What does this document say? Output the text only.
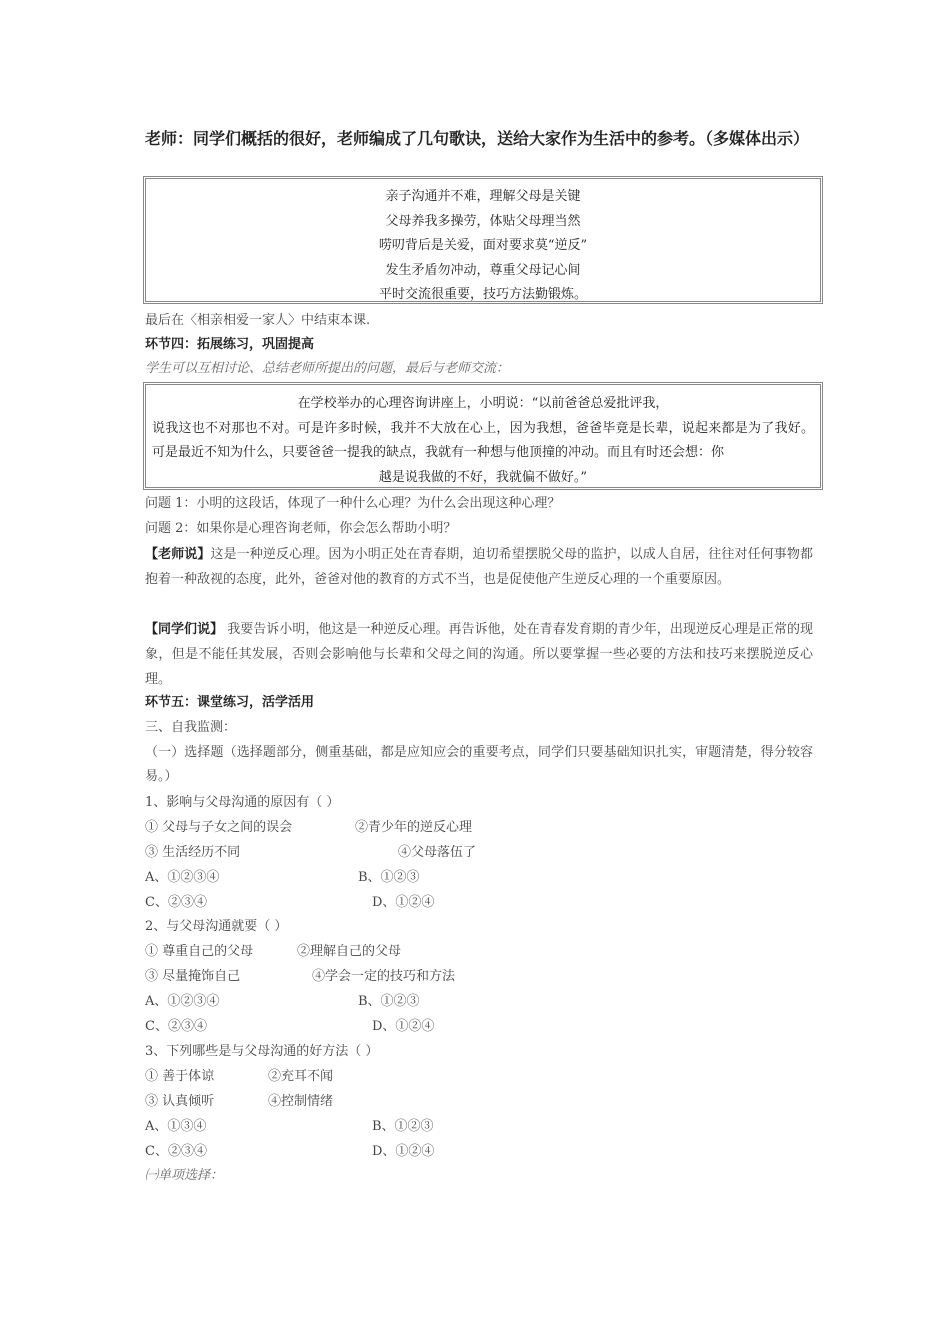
老师：同学们概括的很好，老师编成了几句歌诀，送给大家作为生活中的参考。（多媒体出示）
亲子沟通并不难，理解父母是关键
父母养我多操劳，体贴父母理当然
唠叨背后是关爱，面对要求莫“逆反”
发生矛盾勿冲动，尊重父母记心间
平时交流很重要，技巧方法勤锻炼。
最后在〈相亲相爱一家人〉中结束本课.
环节四：拓展练习，巩固提高
学生可以互相讨论、总结老师所提出的问题，最后与老师交流：
在学校举办的心理咨询讲座上，小明说：“以前爸爸总爱批评我，
说我这也不对那也不对。可是许多时候，我并不大放在心上，因为我想，爸爸毕竟是长辈，说起来都是为了我好。可是最近不知为什么，只要爸爸一提我的缺点，我就有一种想与他顶撞的冲动。而且有时还会想：你
越是说我做的不好，我就偏不做好。”
问题 1：小明的这段话，体现了一种什么心理？为什么会出现这种心理？
问题 2：如果你是心理咨询老师，你会怎么帮助小明？
【老师说】这是一种逆反心理。因为小明正处在青春期，迫切希望摆脱父母的监护，以成人自居，往往对任何事物都抱着一种敌视的态度，此外，爸爸对他的教育的方式不当，也是促使他产生逆反心理的一个重要原因。
【同学们说】 我要告诉小明，他这是一种逆反心理。再告诉他，处在青春发育期的青少年，出现逆反心理是正常的现象，但是不能任其发展，否则会影响他与长辈和父母之间的沟通。所以要掌握一些必要的方法和技巧来摆脱逆反心理。
环节五：课堂练习，活学活用
三、自我监测：
（一）选择题（选择题部分，侧重基础，都是应知应会的重要考点，同学们只要基础知识扎实，审题清楚，得分较容易。）
1、影响与父母沟通的原因有（ ）
① 父母与子女之间的误会	②青少年的逆反心理
③ 生活经历不同	④父母落伍了
A、①②③④	B、①②③
C、②③④	D、①②④
2、与父母沟通就要（ ）
① 尊重自己的父母	②理解自己的父母
③ 尽量掩饰自己	④学会一定的技巧和方法
A、①②③④	B、①②③
C、②③④	D、①②④
3、下列哪些是与父母沟通的好方法（ ）
① 善于体谅	②充耳不闻
③ 认真倾听	④控制情绪
A、①③④	B、①②③
C、②③④	D、①②④
㈠单项选择：
